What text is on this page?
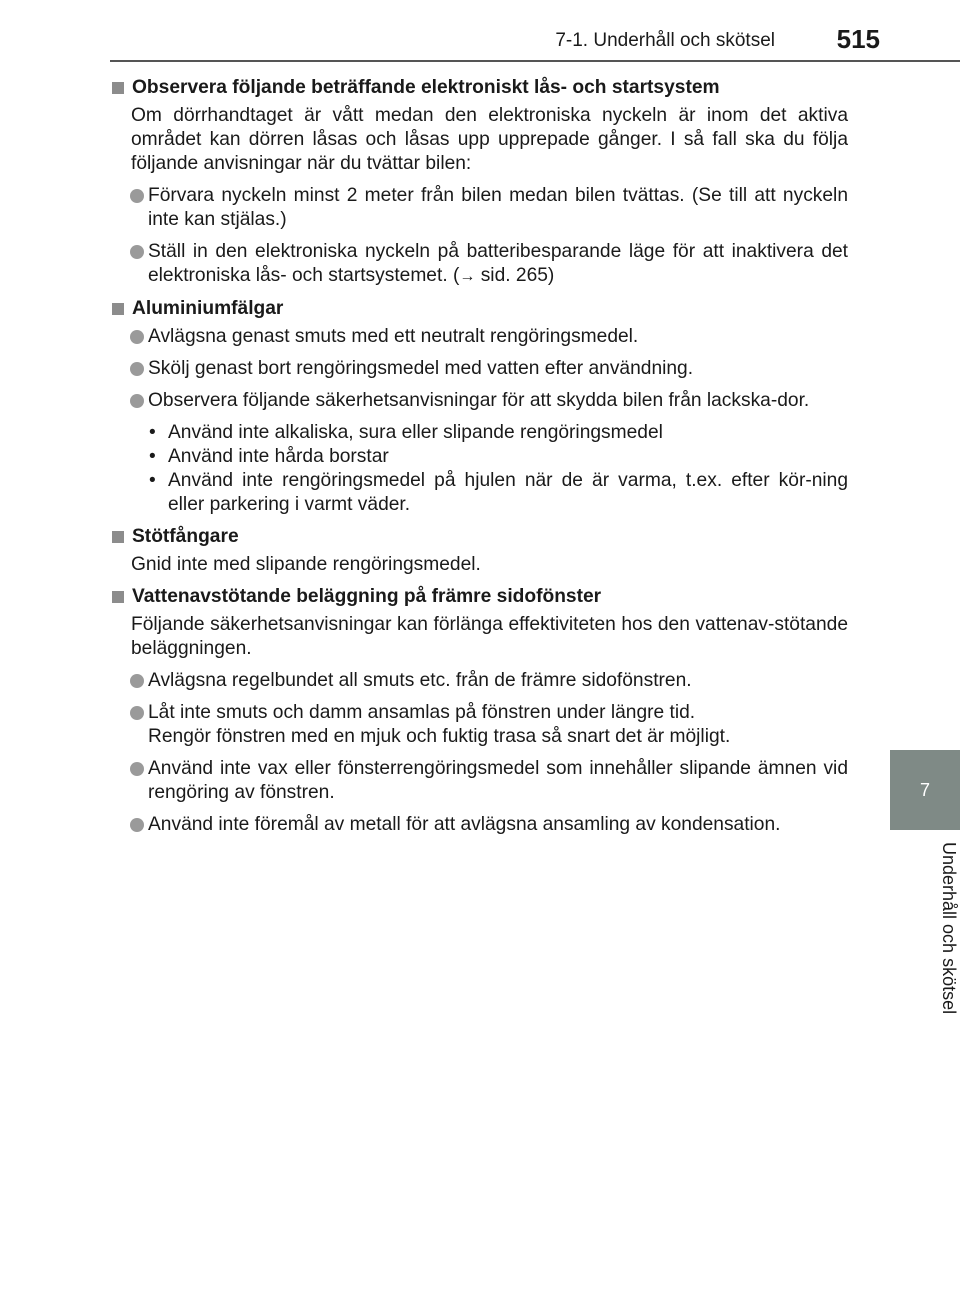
7-1. Underhåll och skötsel 515
7
Underhåll och skötsel
Observera följande beträffande elektroniskt lås- och startsystem
Om dörrhandtaget är vått medan den elektroniska nyckeln är inom det aktiva området kan dörren låsas och låsas upp upprepade gånger. I så fall ska du följa följande anvisningar när du tvättar bilen:
Förvara nyckeln minst 2 meter från bilen medan bilen tvättas. (Se till att nyckeln inte kan stjälas.)
Ställ in den elektroniska nyckeln på batteribesparande läge för att inaktivera det elektroniska lås- och startsystemet. (→ sid. 265)
Aluminiumfälgar
Avlägsna genast smuts med ett neutralt rengöringsmedel.
Skölj genast bort rengöringsmedel med vatten efter användning.
Observera följande säkerhetsanvisningar för att skydda bilen från lackska-dor.
• Använd inte alkaliska, sura eller slipande rengöringsmedel
• Använd inte hårda borstar
• Använd inte rengöringsmedel på hjulen när de är varma, t.ex. efter kör-ning eller parkering i varmt väder.
Stötfångare
Gnid inte med slipande rengöringsmedel.
Vattenavstötande beläggning på främre sidofönster
Följande säkerhetsanvisningar kan förlänga effektiviteten hos den vattenav-stötande beläggningen.
Avlägsna regelbundet all smuts etc. från de främre sidofönstren.
Låt inte smuts och damm ansamlas på fönstren under längre tid.
Rengör fönstren med en mjuk och fuktig trasa så snart det är möjligt.
Använd inte vax eller fönsterrengöringsmedel som innehåller slipande ämnen vid rengöring av fönstren.
Använd inte föremål av metall för att avlägsna ansamling av kondensation.
